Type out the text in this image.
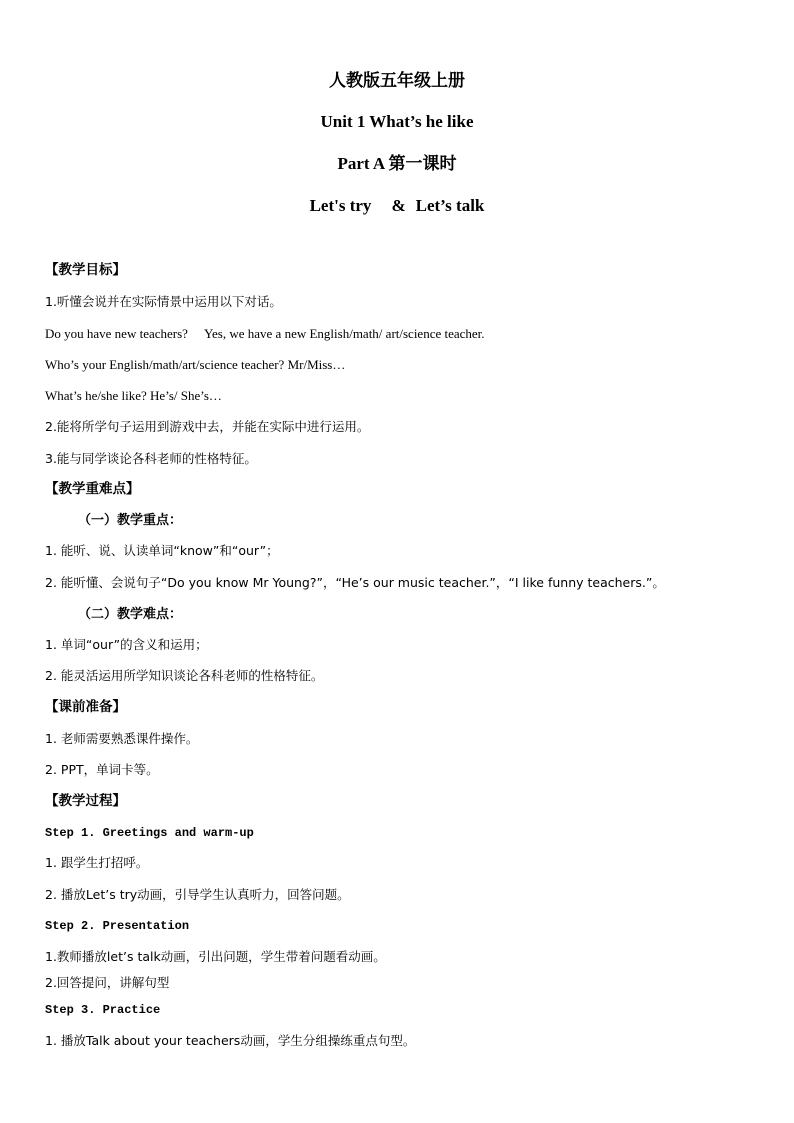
人教版五年级上册
Unit 1 What’s he like
Part A 第一课时
Let's try & Let’s talk
【教学目标】
1.听懂会说并在实际情景中运用以下对话。
Do you have new teachers? Yes, we have a new English/math/ art/science teacher.
Who’s your English/math/art/science teacher? Mr/Miss…
What’s he/she like? He’s/ She’s…
2.能将所学句子运用到游戏中去，并能在实际中进行运用。
3.能与同学谈论各科老师的性格特征。
【教学重难点】
（一）教学重点：
1. 能听、说、认读单词“know”和“our”；
2. 能听懂、会说句子“Do you know Mr Young?”，“He’s our music teacher.”，“I like funny teachers.”。
（二）教学难点：
1. 单词“our”的含义和运用；
2. 能灵活运用所学知识谈论各科老师的性格特征。
【课前准备】
1. 老师需要熟悉课件操作。
2. PPT，单词卡等。
【教学过程】
Step 1. Greetings and warm-up
1. 跟学生打招呼。
2. 播放Let’s try动画，引导学生认真听力，回答问题。
Step 2. Presentation
1.教师播放let’s talk动画，引出问题，学生带着问题看动画。
2.回答提问，讲解句型
Step 3. Practice
1. 播放Talk about your teachers动画，学生分组操练重点句型。
